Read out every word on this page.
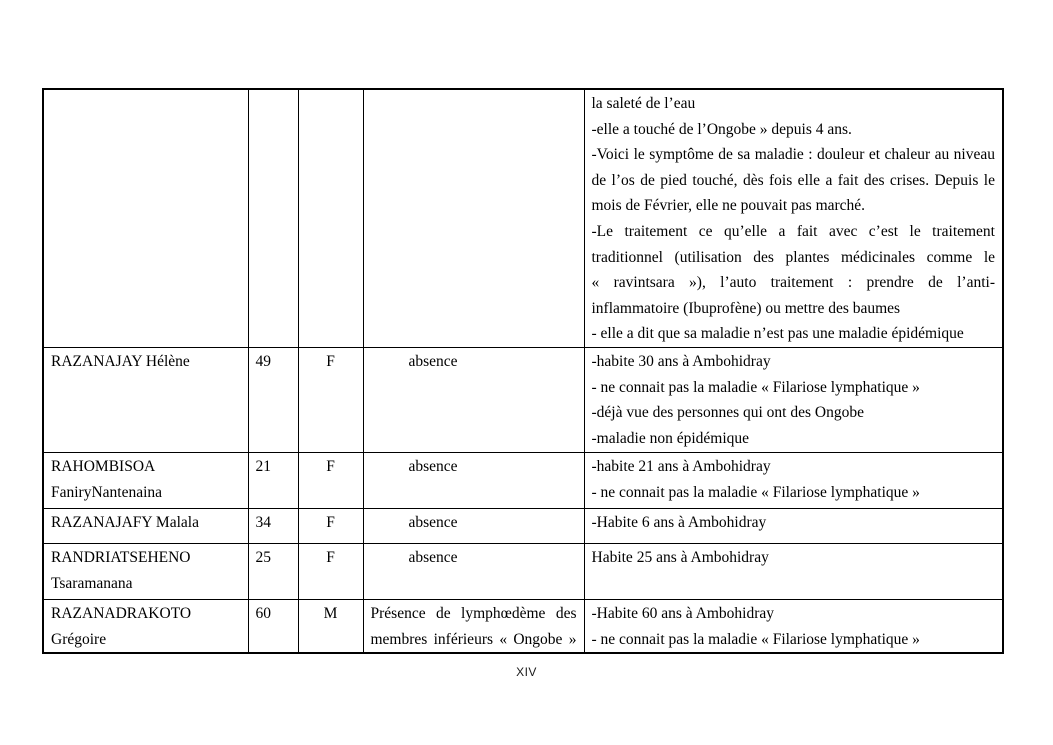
				la saleté de l’eau

-elle a touché de l’Ongobe » depuis 4 ans.

-Voici le symptôme de sa maladie : douleur et chaleur au niveau de l’os de pied touché, dès fois elle a fait des crises. Depuis le mois de Février, elle ne pouvait pas marché.

-Le traitement ce qu’elle a fait avec c’est le traitement traditionnel (utilisation des plantes médicinales comme le « ravintsara »), l’auto traitement : prendre de l’anti-inflammatoire (Ibuprofène) ou mettre des baumes

- elle a dit que sa maladie n’est pas une maladie épidémique

RAZANAJAY Hélène	49	F	absence	-habite 30 ans à Ambohidray

- ne connait pas la maladie « Filariose lymphatique »

-déjà vue des personnes qui ont des Ongobe

-maladie non épidémique

RAHOMBISOA FaniryNantenaina	21	F	absence	-habite 21 ans à Ambohidray

- ne connait pas la maladie « Filariose lymphatique »

RAZANAJAFY Malala	34	F	absence	-Habite 6 ans à Ambohidray

RANDRIATSEHENO Tsaramanana	25	F	absence	Habite 25 ans à Ambohidray

RAZANADRAKOTO Grégoire	60	M	Présence de lymphœdème des membres inférieurs « Ongobe »	-Habite 60 ans à Ambohidray

- ne connait pas la maladie « Filariose lymphatique »

XIV
